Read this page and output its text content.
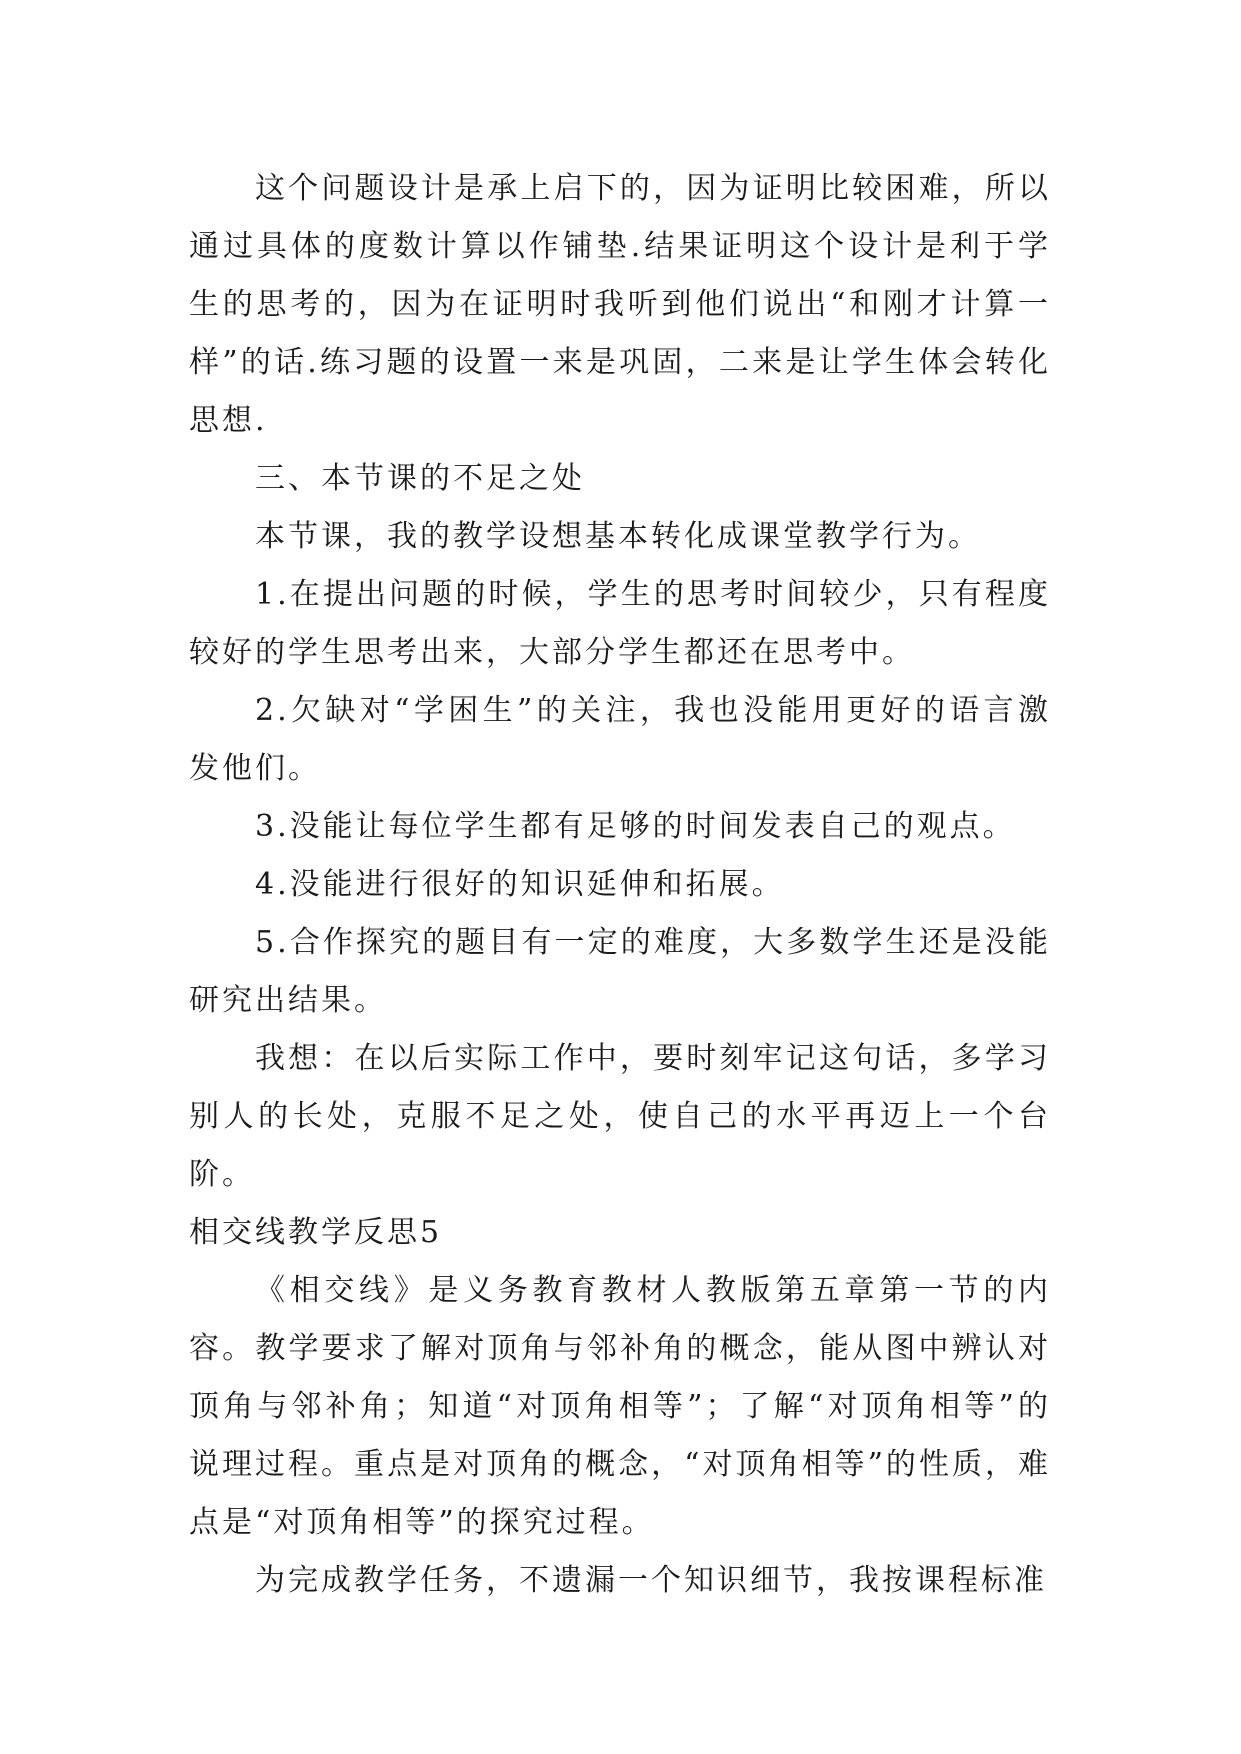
这个问题设计是承上启下的，因为证明比较困难，所以通过具体的度数计算以作铺垫.结果证明这个设计是利于学生的思考的，因为在证明时我听到他们说出“和刚才计算一样”的话.练习题的设置一来是巩固，二来是让学生体会转化思想.

三、本节课的不足之处

本节课，我的教学设想基本转化成课堂教学行为。

1.在提出问题的时候，学生的思考时间较少，只有程度较好的学生思考出来，大部分学生都还在思考中。

2.欠缺对“学困生”的关注，我也没能用更好的语言激发他们。

3.没能让每位学生都有足够的时间发表自己的观点。

4.没能进行很好的知识延伸和拓展。

5.合作探究的题目有一定的难度，大多数学生还是没能研究出结果。

我想：在以后实际工作中，要时刻牢记这句话，多学习别人的长处，克服不足之处，使自己的水平再迈上一个台阶。

相交线教学反思5

《相交线》是义务教育教材人教版第五章第一节的内容。教学要求了解对顶角与邻补角的概念，能从图中辨认对顶角与邻补角；知道“对顶角相等”；了解“对顶角相等”的说理过程。重点是对顶角的概念，“对顶角相等”的性质，难点是“对顶角相等”的探究过程。

为完成教学任务，不遗漏一个知识细节，我按课程标准
